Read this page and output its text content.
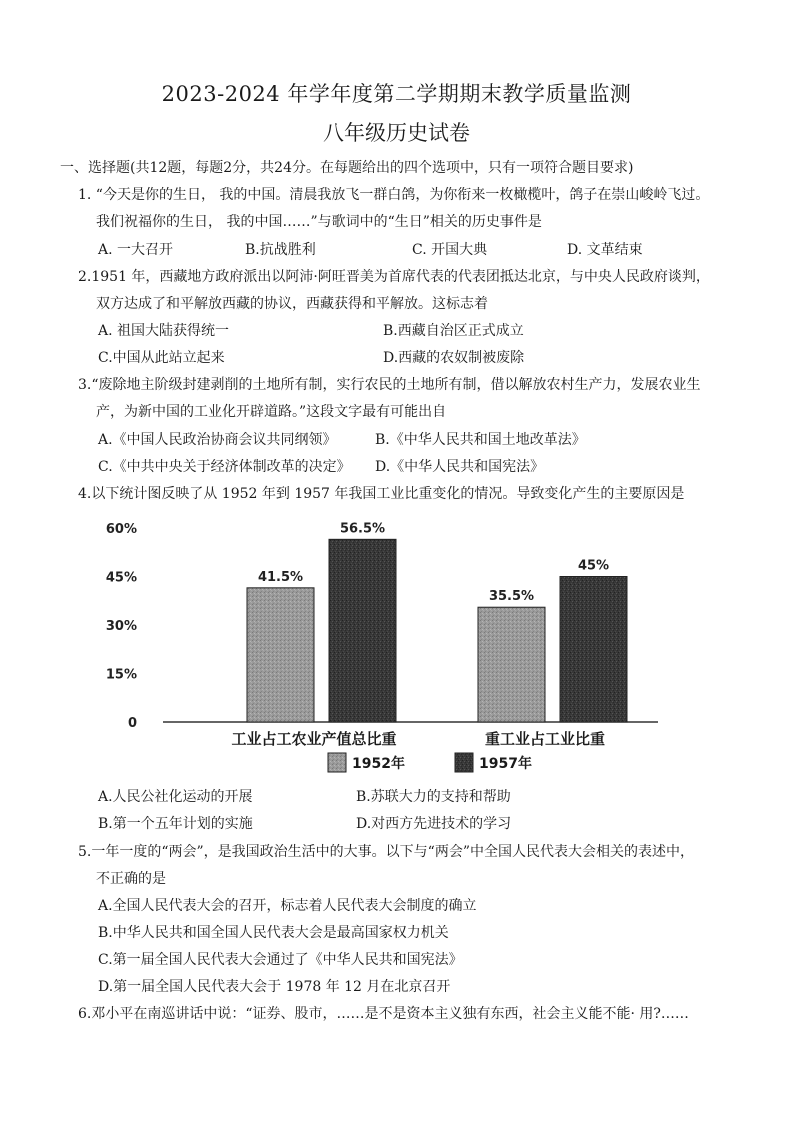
2023-2024 年学年度第二学期期末教学质量监测
八年级历史试卷
一、选择题(共12题，每题2分，共24分。在每题给出的四个选项中，只有一项符合题目要求)
1. “今天是你的生日， 我的中国。清晨我放飞一群白鸽，为你衔来一枚橄榄叶，鸽子在崇山峻岭飞过。
我们祝福你的生日， 我的中国……”与歌词中的“生日”相关的历史事件是
A. 一大召开	B.抗战胜利	C. 开国大典	D. 文革结束
2.1951 年，西藏地方政府派出以阿沛·阿旺晋美为首席代表的代表团抵达北京，与中央人民政府谈判，
双方达成了和平解放西藏的协议，西藏获得和平解放。这标志着
A. 祖国大陆获得统一	B.西藏自治区正式成立
C.中国从此站立起来	D.西藏的农奴制被废除
3.“废除地主阶级封建剥削的土地所有制，实行农民的土地所有制，借以解放农村生产力，发展农业生
产，为新中国的工业化开辟道路。”这段文字最有可能出自
A.《中国人民政治协商会议共同纲领》	B.《中华人民共和国土地改革法》
C.《中共中央关于经济体制改革的决定》 D.《中华人民共和国宪法》
4.以下统计图反映了从 1952 年到 1957 年我国工业比重变化的情况。导致变化产生的主要原因是
60%
45%
30%
15%
0
41.5%
35.5%
56.5%
45%
工业占工农业产值总比重	重工业占工业比重
1952年	1957年
A.人民公社化运动的开展	B.苏联大力的支持和帮助
B.第一个五年计划的实施	D.对西方先进技术的学习
5.一年一度的“两会”，是我国政治生活中的大事。以下与“两会”中全国人民代表大会相关的表述中，
不正确的是
A.全国人民代表大会的召开，标志着人民代表大会制度的确立
B.中华人民共和国全国人民代表大会是最高国家权力机关
C.第一届全国人民代表大会通过了《中华人民共和国宪法》
D.第一届全国人民代表大会于 1978 年 12 月在北京召开
6.邓小平在南巡讲话中说：“证券、股市，……是不是资本主义独有东西，社会主义能不能· 用?……
